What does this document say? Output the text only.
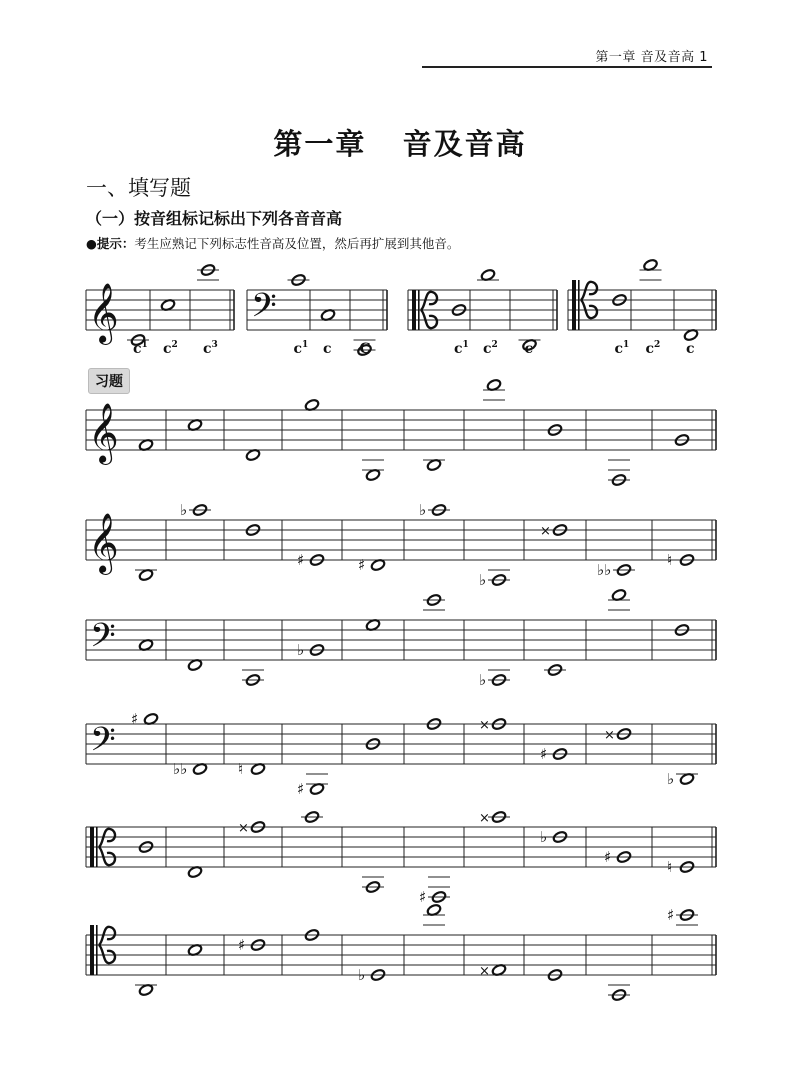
第一章 音及音高 1
第一章 音及音高
一、填写题
（一）按音组标记标出下列各音音高
●提示：考生应熟记下列标志性音高及位置，然后再扩展到其他音。
习题
𝄞
$c^1$ $c^2$ $c^3$
𝄢
$c^1$ c C	$c^1$ $c^2$ c	$c^1$ $c^2$ c
𝄞
𝄞
♭
♯	♯
♭
♭
×
♭♭
♮
𝄢	♭
♭
𝄢
♯
♭♭	♮
♯
×
♯
×
♭
×
♯
×
♭
♯
♮
♯
♭	×
♯
